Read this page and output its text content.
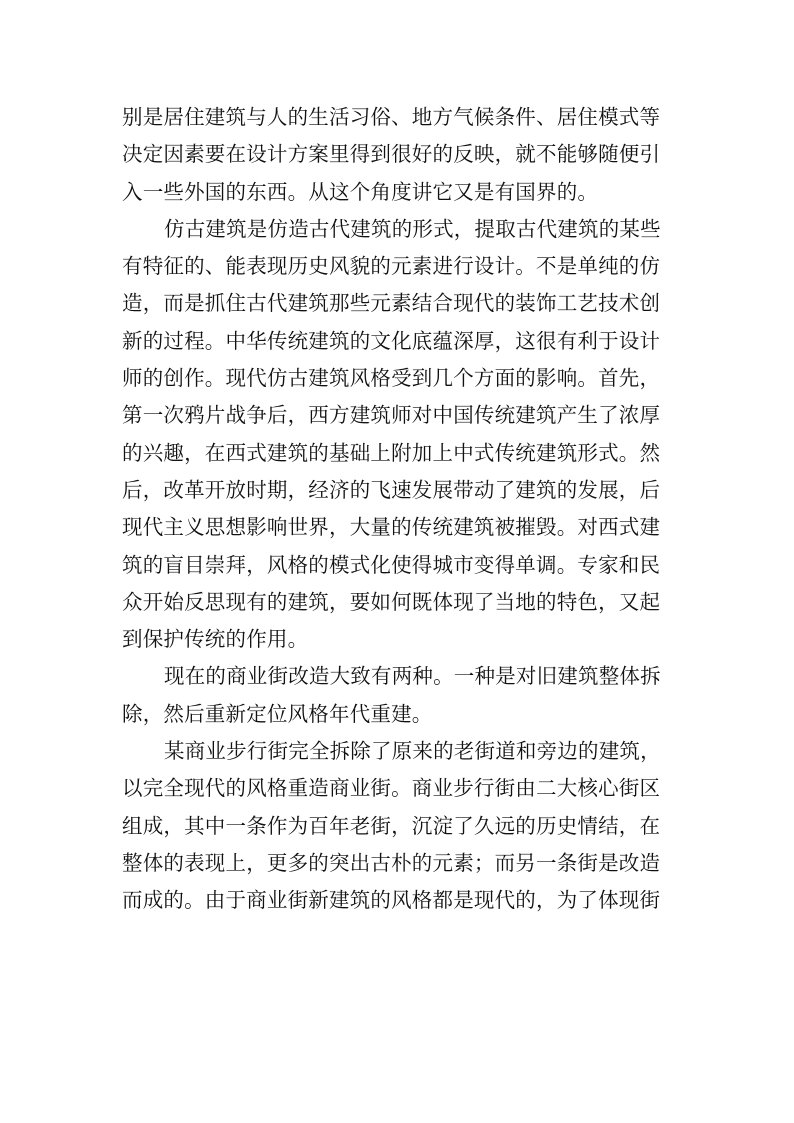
别是居住建筑与人的生活习俗、地方气候条件、居住模式等
决定因素要在设计方案里得到很好的反映，就不能够随便引
入一些外国的东西。从这个角度讲它又是有国界的。
仿古建筑是仿造古代建筑的形式，提取古代建筑的某些
有特征的、能表现历史风貌的元素进行设计。不是单纯的仿
造，而是抓住古代建筑那些元素结合现代的装饰工艺技术创
新的过程。中华传统建筑的文化底蕴深厚，这很有利于设计
师的创作。现代仿古建筑风格受到几个方面的影响。首先，
第一次鸦片战争后，西方建筑师对中国传统建筑产生了浓厚
的兴趣，在西式建筑的基础上附加上中式传统建筑形式。然
后，改革开放时期，经济的飞速发展带动了建筑的发展，后
现代主义思想影响世界，大量的传统建筑被摧毁。对西式建
筑的盲目崇拜，风格的模式化使得城市变得单调。专家和民
众开始反思现有的建筑，要如何既体现了当地的特色，又起
到保护传统的作用。
现在的商业街改造大致有两种。一种是对旧建筑整体拆
除，然后重新定位风格年代重建。
某商业步行街完全拆除了原来的老街道和旁边的建筑，
以完全现代的风格重造商业街。商业步行街由二大核心街区
组成，其中一条作为百年老街，沉淀了久远的历史情结，在
整体的表现上，更多的突出古朴的元素；而另一条街是改造
而成的。由于商业街新建筑的风格都是现代的，为了体现街
